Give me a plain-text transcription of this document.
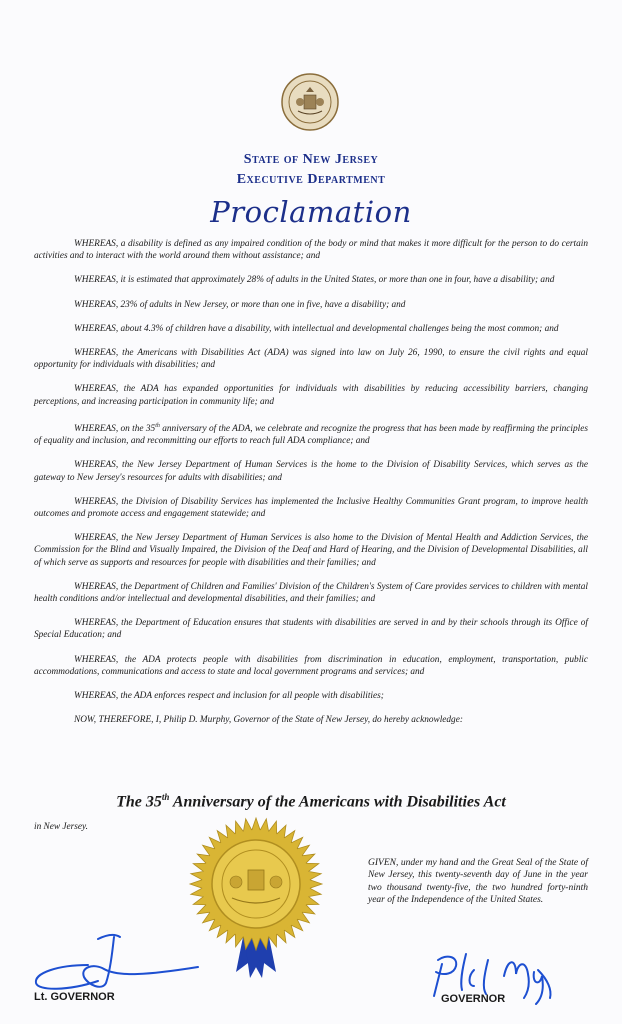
State of New Jersey
Executive Department
Proclamation

WHEREAS, a disability is defined as any impaired condition of the body or mind that makes it more difficult for the person to do certain activities and to interact with the world around them without assistance; and

WHEREAS, it is estimated that approximately 28% of adults in the United States, or more than one in four, have a disability; and

WHEREAS, 23% of adults in New Jersey, or more than one in five, have a disability; and

WHEREAS, about 4.3% of children have a disability, with intellectual and developmental challenges being the most common; and

WHEREAS, the Americans with Disabilities Act (ADA) was signed into law on July 26, 1990, to ensure the civil rights and equal opportunity for individuals with disabilities; and

WHEREAS, the ADA has expanded opportunities for individuals with disabilities by reducing accessibility barriers, changing perceptions, and increasing participation in community life; and

WHEREAS, on the 35th anniversary of the ADA, we celebrate and recognize the progress that has been made by reaffirming the principles of equality and inclusion, and recommitting our efforts to reach full ADA compliance; and

WHEREAS, the New Jersey Department of Human Services is the home to the Division of Disability Services, which serves as the gateway to New Jersey's resources for adults with disabilities; and

WHEREAS, the Division of Disability Services has implemented the Inclusive Healthy Communities Grant program, to improve health outcomes and promote access and engagement statewide; and

WHEREAS, the New Jersey Department of Human Services is also home to the Division of Mental Health and Addiction Services, the Commission for the Blind and Visually Impaired, the Division of the Deaf and Hard of Hearing, and the Division of Developmental Disabilities, all of which serve as supports and resources for people with disabilities and their families; and

WHEREAS, the Department of Children and Families' Division of the Children's System of Care provides services to children with mental health conditions and/or intellectual and developmental disabilities, and their families; and

WHEREAS, the Department of Education ensures that students with disabilities are served in and by their schools through its Office of Special Education; and

WHEREAS, the ADA protects people with disabilities from discrimination in education, employment, transportation, public accommodations, communications and access to state and local government programs and services; and

WHEREAS, the ADA enforces respect and inclusion for all people with disabilities;

NOW, THEREFORE, I, Philip D. Murphy, Governor of the State of New Jersey, do hereby acknowledge:

The 35th Anniversary of the Americans with Disabilities Act
in New Jersey.
GIVEN, under my hand and the Great Seal of the State of New Jersey, this twenty-seventh day of June in the year two thousand twenty-five, the two hundred forty-ninth year of the Independence of the United States.
Lt. GOVERNOR	GOVERNOR
